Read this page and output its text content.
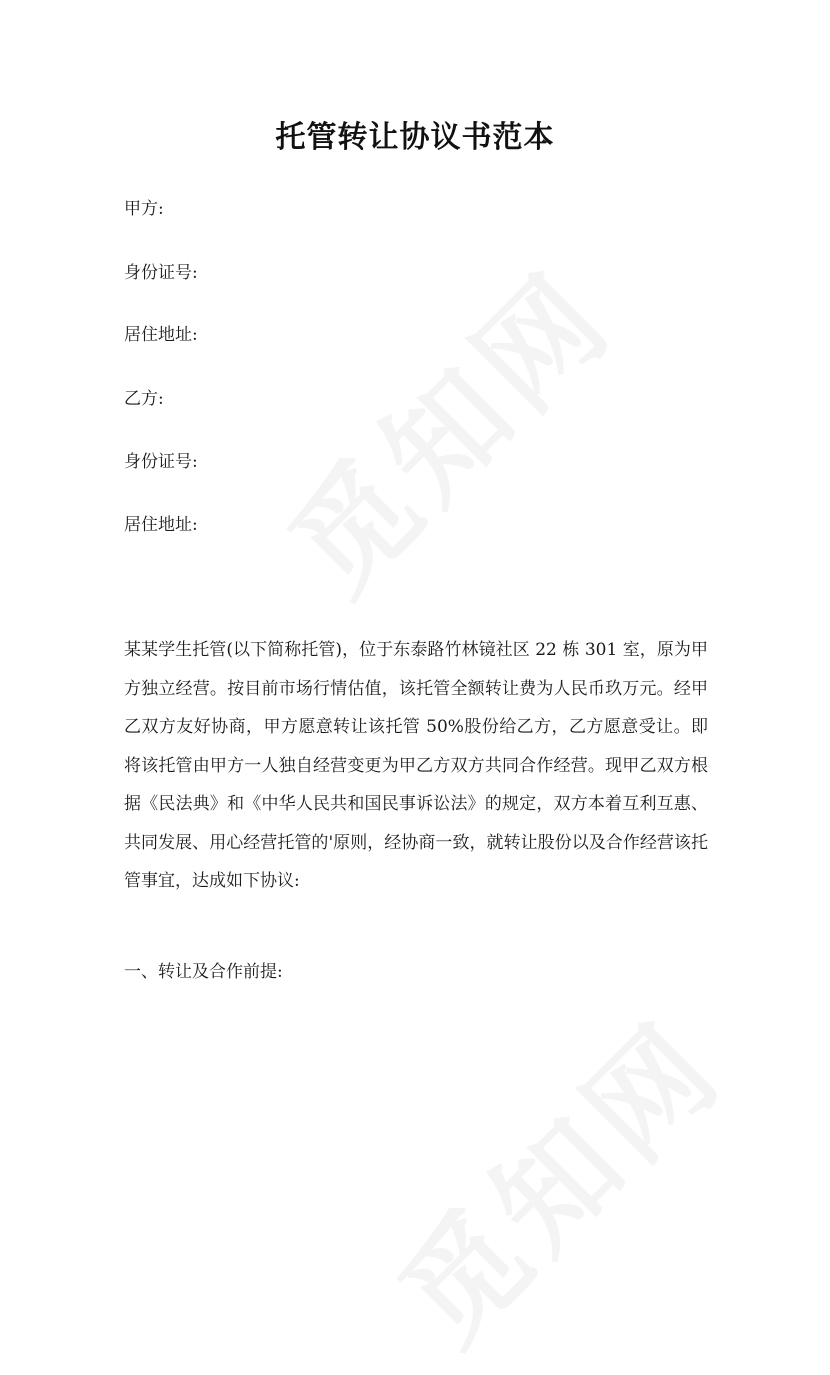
托管转让协议书范本

甲方:

身份证号:

居住地址:

乙方:

身份证号:

居住地址:

某某学生托管(以下简称托管)，位于东泰路竹林镜社区 22 栋 301 室，原为甲方独立经营。按目前市场行情估值，该托管全额转让费为人民币玖万元。经甲乙双方友好协商，甲方愿意转让该托管 50%股份给乙方，乙方愿意受让。即将该托管由甲方一人独自经营变更为甲乙方双方共同合作经营。现甲乙双方根据《民法典》和《中华人民共和国民事诉讼法》的规定，双方本着互利互惠、共同发展、用心经营托管的'原则，经协商一致，就转让股份以及合作经营该托管事宜，达成如下协议:

一、转让及合作前提:
